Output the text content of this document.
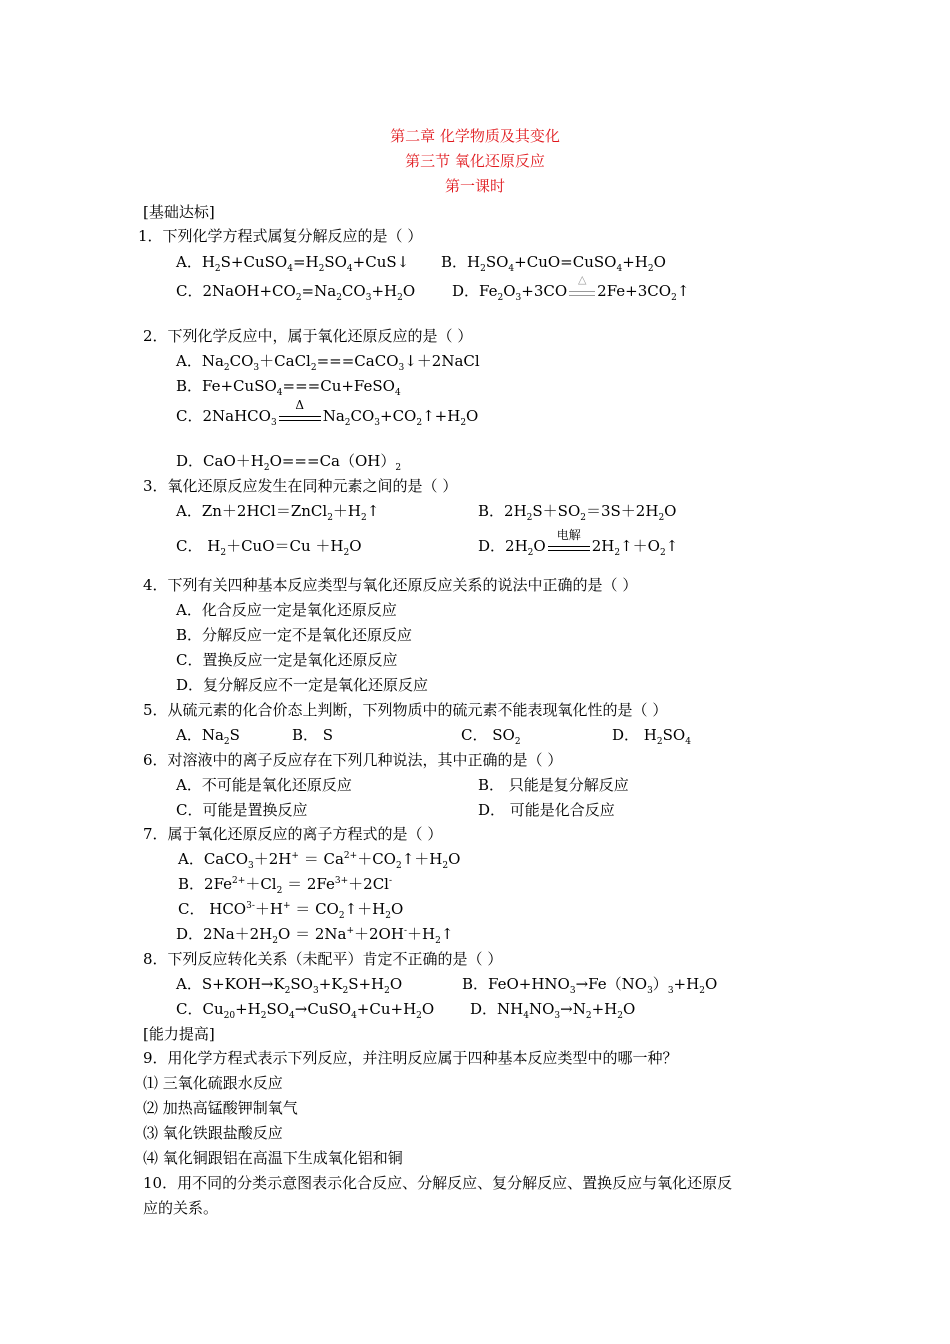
第二章 化学物质及其变化
第三节 氧化还原反应
第一课时
[基础达标]
1．下列化学方程式属复分解反应的是（ ）
A．$H_2S+CuSO_4=H_2SO_4+CuS↓$ B．$H_2SO_4+CuO=CuSO_4+H_2O$
C．$2NaOH+CO_2=Na_2CO_3+H_2O$ D．$Fe_2O_3+3CO$
△
$2Fe+3CO_2↑$
2．下列化学反应中，属于氧化还原反应的是（ ）
A．$Na_2CO_3+CaCl_2===CaCO_3↓+2NaCl$
B．Fe+CuSO$_4$===Cu+FeSO$_4$
C．2NaHCO$_3$
Δ
$Na_2CO_3+CO_2↑+H_2O$
D．$CaO+H_2O===Ca(OH)_2$
3．氧化还原反应发生在同种元素之间的是（ ）
A．$Zn+2HCl=ZnCl_2+H_2↑$	B．$2H_2S+SO_2=3S+2H_2O$
C． $H_2+CuO=Cu +H_2O$	D．$2H_2O$
电解
$2H_2↑+O_2↑$
4．下列有关四种基本反应类型与氧化还原反应关系的说法中正确的是（ ）
A．化合反应一定是氧化还原反应
B．分解反应一定不是氧化还原反应
C．置换反应一定是氧化还原反应
D．复分解反应不一定是氧化还原反应
5．从硫元素的化合价态上判断，下列物质中的硫元素不能表现氧化性的是（ ）
A．$Na_2S$	B． S	C． $SO_2$	D． $H_2SO_4$
6．对溶液中的离子反应存在下列几种说法，其中正确的是（ ）
A．不可能是氧化还原反应	B． 只能是复分解反应
C．可能是置换反应	D． 可能是化合反应
7．属于氧化还原反应的离子方程式的是（ ）
A．CaCO$_3$＋2H+ ＝ $Ca^{2+}+CO_2↑+H_2O$
B．$2Fe^{2+}+Cl_2 = 2Fe^{3+}+2Cl^-$
C． $HCO^{3-}+H^+$ ＝ $CO_2↑+H_2O$
D．$2Na+2H_2O$ ＝ $2Na^++2OH^-+H_2↑$
8．下列反应转化关系（未配平）肯定不正确的是（ ）
A．$S+KOH\to K_2SO_3+K_2S+H_2O$	B．$FeO+HNO_3\to Fe(NO_3)_3+H_2O$
C．$Cu_{20}+H_2SO_4\to CuSO_4+Cu+H_2O$ D．$NH_4NO_3\to N_2+H_2O$
[能力提高]
9．用化学方程式表示下列反应，并注明反应属于四种基本反应类型中的哪一种？
⑴ 三氧化硫跟水反应
⑵ 加热高锰酸钾制氧气
⑶ 氧化铁跟盐酸反应
⑷ 氧化铜跟铝在高温下生成氧化铝和铜
10．用不同的分类示意图表示化合反应、分解反应、复分解反应、置换反应与氧化还原反
应的关系。
